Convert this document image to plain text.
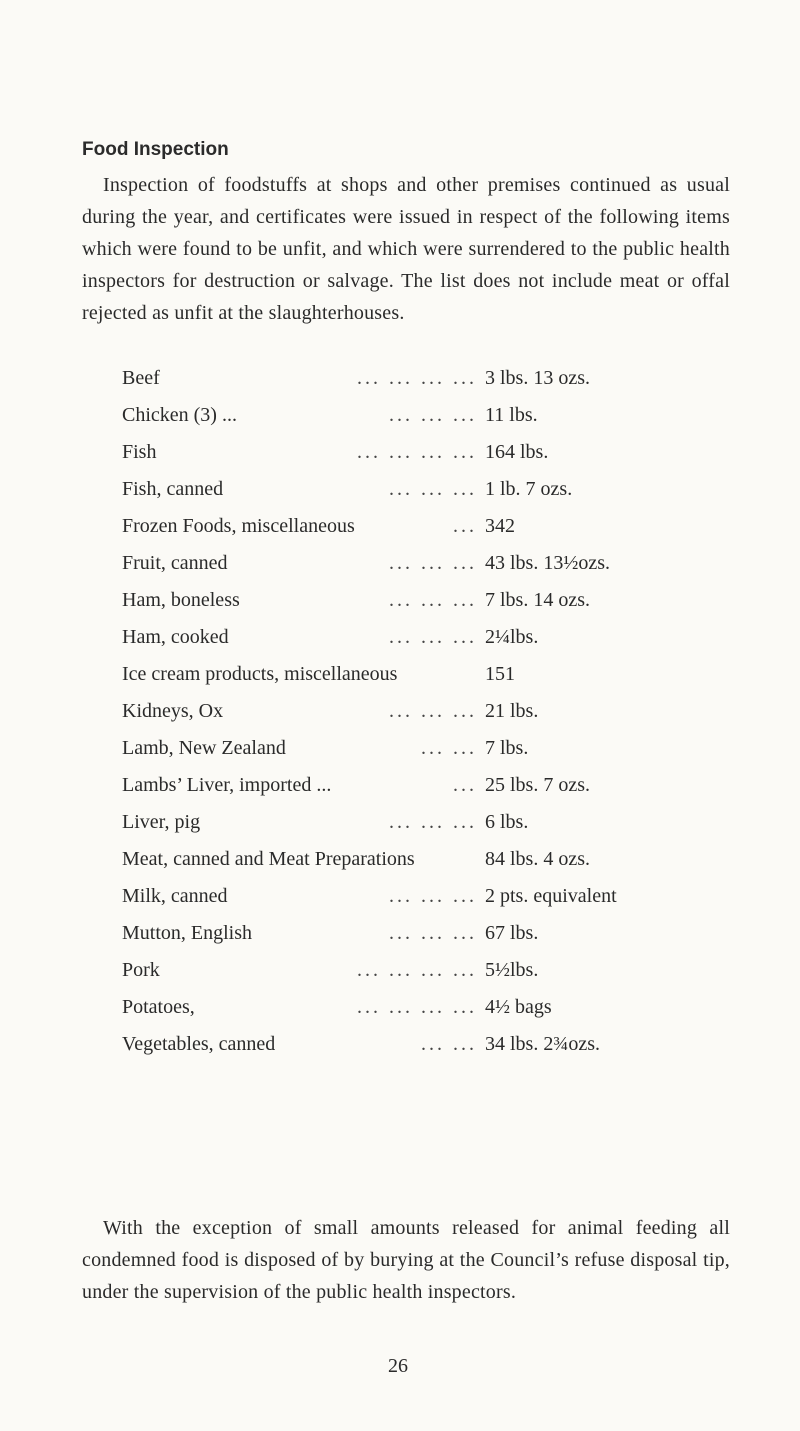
Food Inspection
Inspection of foodstuffs at shops and other premises continued as usual during the year, and certificates were issued in respect of the following items which were found to be unfit, and which were surrendered to the public health inspectors for destruction or salvage. The list does not include meat or offal rejected as unfit at the slaughterhouses.
Beef	... ... ... ... 3 lbs. 13 ozs.
Chicken (3) ...	... ... ... 11 lbs.
Fish	... ... ... ... 164 lbs.
Fish, canned	... ... ... 1 lb. 7 ozs.
Frozen Foods, miscellaneous	... 342
Fruit, canned	... ... ... 43 lbs. 13½ozs.
Ham, boneless	... ... ... 7 lbs. 14 ozs.
Ham, cooked	... ... ... 2¼lbs.
Ice cream products, miscellaneous	151
Kidneys, Ox	... ... ... 21 lbs.
Lamb, New Zealand	... ... 7 lbs.
Lambs’ Liver, imported ...	... 25 lbs. 7 ozs.
Liver, pig	... ... ... 6 lbs.
Meat, canned and Meat Preparations	84 lbs. 4 ozs.
Milk, canned	... ... ... 2 pts. equivalent
Mutton, English	... ... ... 67 lbs.
Pork	... ... ... ... 5½lbs.
Potatoes,	... ... ... ... 4½ bags
Vegetables, canned	... ... 34 lbs. 2¾ozs.
With the exception of small amounts released for animal feeding all condemned food is disposed of by burying at the Council’s refuse disposal tip, under the supervision of the public health inspectors.
26
